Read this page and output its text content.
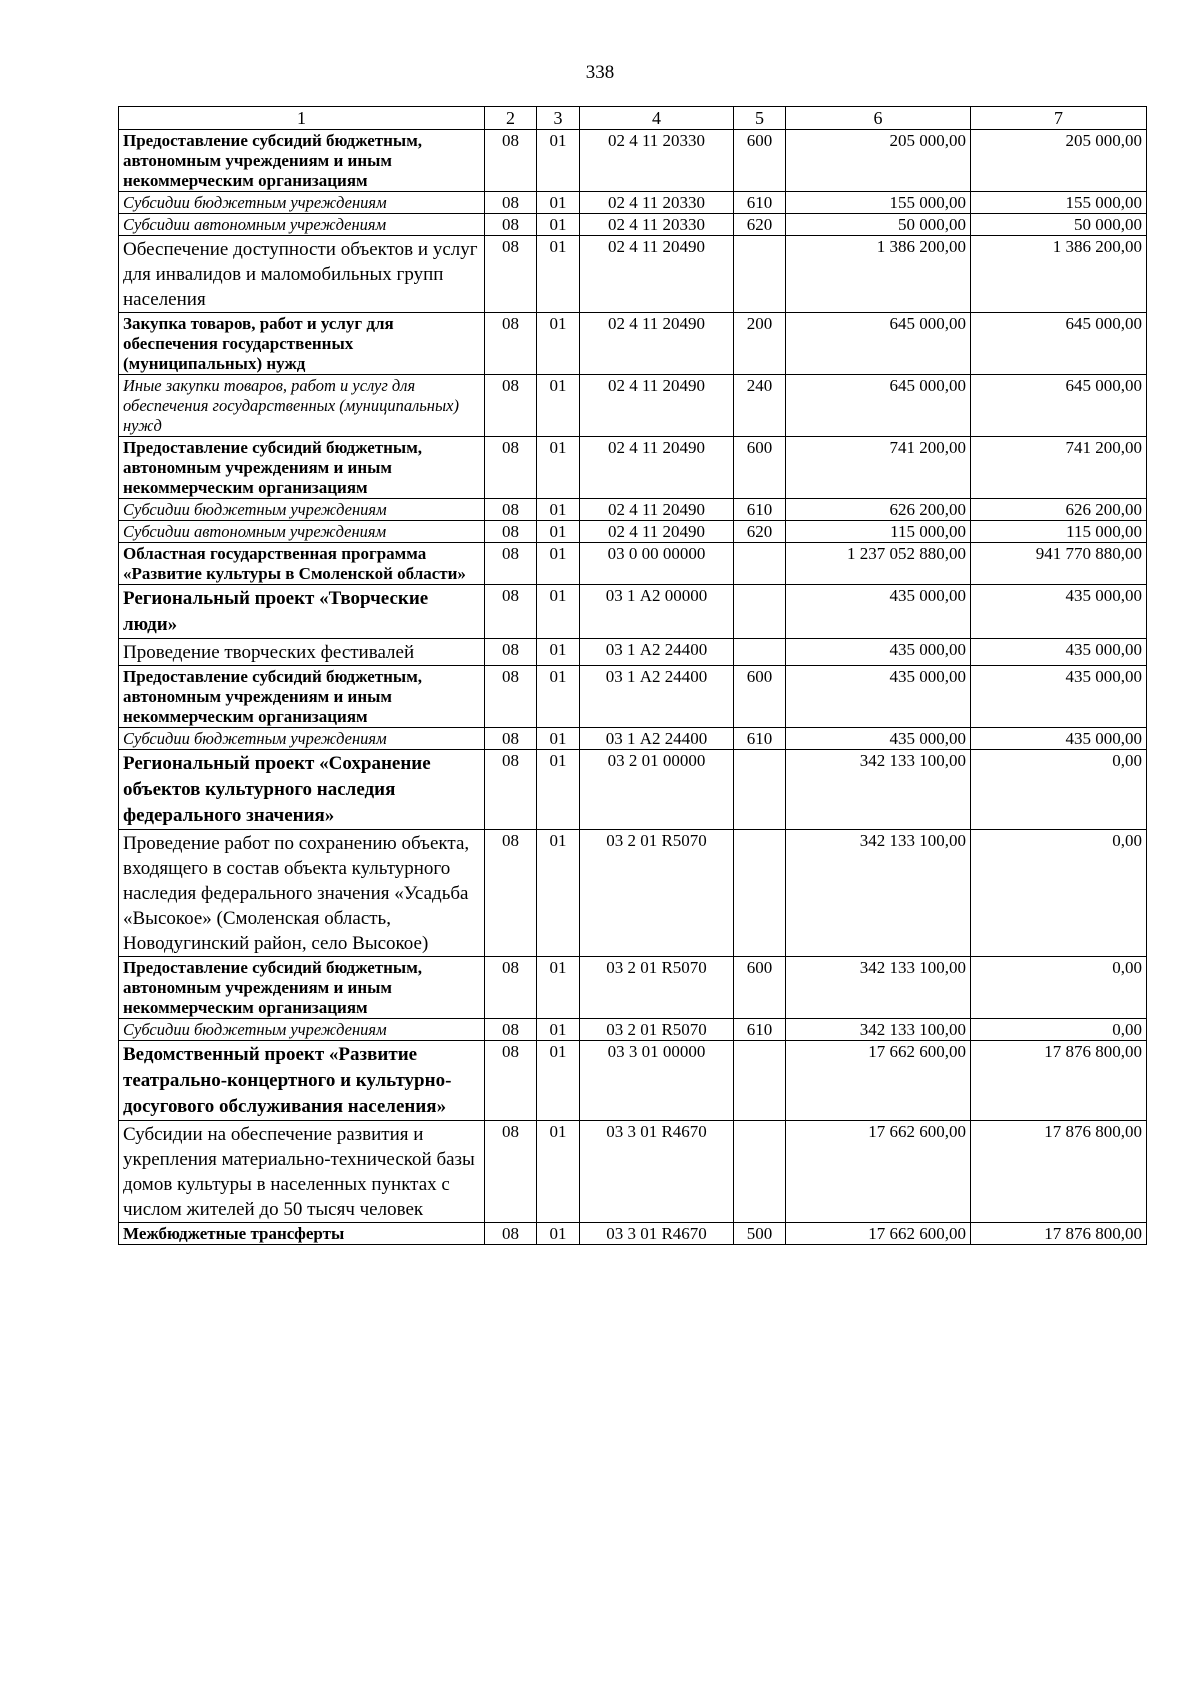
338
1	2	3	4	5	6	7
Предоставление субсидий бюджетным, автономным учреждениям и иным некоммерческим организациям	08	01	02 4 11 20330	600	205 000,00	205 000,00
Субсидии бюджетным учреждениям	08	01	02 4 11 20330	610	155 000,00	155 000,00
Субсидии автономным учреждениям	08	01	02 4 11 20330	620	50 000,00	50 000,00
Обеспечение доступности объектов и услуг для инвалидов и маломобильных групп населения	08	01	02 4 11 20490		1 386 200,00	1 386 200,00
Закупка товаров, работ и услуг для обеспечения государственных (муниципальных) нужд	08	01	02 4 11 20490	200	645 000,00	645 000,00
Иные закупки товаров, работ и услуг для обеспечения государственных (муниципальных) нужд	08	01	02 4 11 20490	240	645 000,00	645 000,00
Предоставление субсидий бюджетным, автономным учреждениям и иным некоммерческим организациям	08	01	02 4 11 20490	600	741 200,00	741 200,00
Субсидии бюджетным учреждениям	08	01	02 4 11 20490	610	626 200,00	626 200,00
Субсидии автономным учреждениям	08	01	02 4 11 20490	620	115 000,00	115 000,00
Областная государственная программа «Развитие культуры в Смоленской области»	08	01	03 0 00 00000		1 237 052 880,00	941 770 880,00
Региональный проект «Творческие люди»	08	01	03 1 А2 00000		435 000,00	435 000,00
Проведение творческих фестивалей	08	01	03 1 А2 24400		435 000,00	435 000,00
Предоставление субсидий бюджетным, автономным учреждениям и иным некоммерческим организациям	08	01	03 1 А2 24400	600	435 000,00	435 000,00
Субсидии бюджетным учреждениям	08	01	03 1 А2 24400	610	435 000,00	435 000,00
Региональный проект «Сохранение объектов культурного наследия федерального значения»	08	01	03 2 01 00000		342 133 100,00	0,00
Проведение работ по сохранению объекта, входящего в состав объекта культурного наследия федерального значения «Усадьба «Высокое» (Смоленская область, Новодугинский район, село Высокое)	08	01	03 2 01 R5070		342 133 100,00	0,00
Предоставление субсидий бюджетным, автономным учреждениям и иным некоммерческим организациям	08	01	03 2 01 R5070	600	342 133 100,00	0,00
Субсидии бюджетным учреждениям	08	01	03 2 01 R5070	610	342 133 100,00	0,00
Ведомственный проект «Развитие театрально-концертного и культурно-досугового обслуживания населения»	08	01	03 3 01 00000		17 662 600,00	17 876 800,00
Субсидии на обеспечение развития и укрепления материально-технической базы домов культуры в населенных пунктах с числом жителей до 50 тысяч человек	08	01	03 3 01 R4670		17 662 600,00	17 876 800,00
Межбюджетные трансферты	08	01	03 3 01 R4670	500	17 662 600,00	17 876 800,00
